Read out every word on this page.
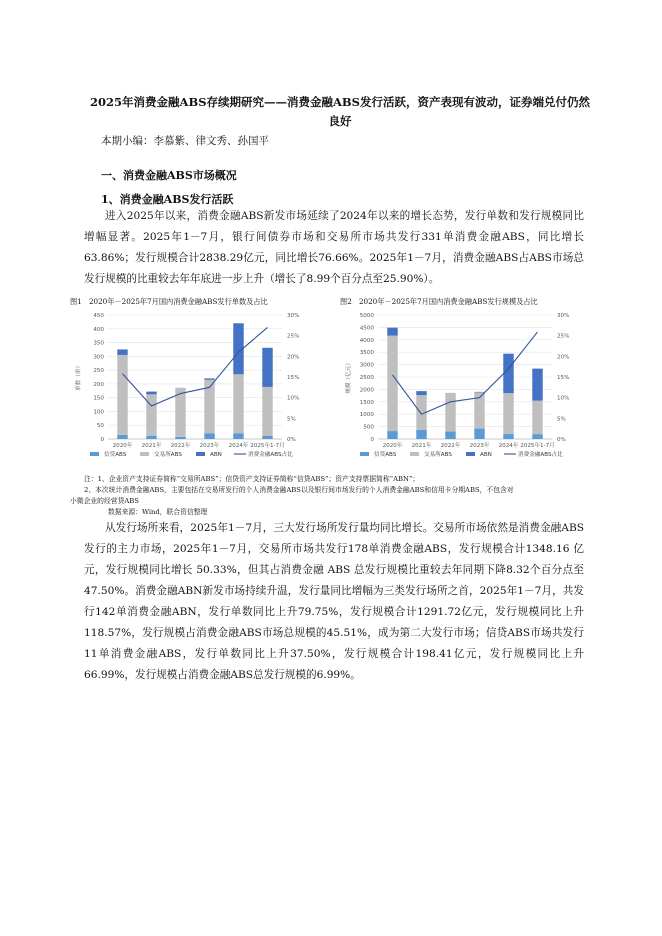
2025年消费金融ABS存续期研究——消费金融ABS发行活跃，资产表现有波动，证券端兑付仍然良好
本期小编：李慕紫、律文秀、孙国平
一、消费金融ABS市场概况
1、消费金融ABS发行活跃
进入2025年以来，消费金融ABS新发市场延续了2024年以来的增长态势，发行单数和发行规模同比增幅显著。2025年1－7月，银行间债券市场和交易所市场共发行331单消费金融ABS，同比增长63.86%；发行规模合计2838.29亿元，同比增长76.66%。2025年1－7月，消费金融ABS占ABS市场总发行规模的比重较去年年底进一步上升（增长了8.99个百分点至25.90%）。
图1　2020年－2025年7月国内消费金融ABS发行单数及占比
0
50
100
150
200
250
300
350
400
450
0%
5%
10%
15%
20%
25%
30%
单数（单）
2020年 2021年 2022年 2023年 2024年 2025年1-7月
信贷ABS	交易所ABS	ABN	消费金融ABS占比
图2　2020年－2025年7月国内消费金融ABS发行规模及占比
0
500
1000
1500
2000
2500
3000
3500
4000
4500
5000
0%
5%
10%
15%
20%
25%
30%
规模（亿元）
2020年 2021年 2022年 2023年 2024年 2025年1-7月
信贷ABS	交易所ABS	ABN	消费金融ABS占比
注：1、企业资产支持证券简称“交易所ABS”；信贷资产支持证券简称“信贷ABS”；资产支持票据简称“ABN”；
2、本次统计消费金融ABS，主要包括在交易所发行的个人消费金融ABS以及银行间市场发行的个人消费金融ABS和信用卡分期ABS，不包含对
小微企业的经营贷ABS
数据来源：Wind，联合资信整理
从发行场所来看，2025年1－7月，三大发行场所发行量均同比增长。交易所市场依然是消费金融ABS发行的主力市场，2025年1－7月，交易所市场共发行178单消费金融ABS，发行规模合计1348.16 亿元，发行规模同比增长 50.33%，但其占消费金融 ABS 总发行规模比重较去年同期下降8.32个百分点至47.50%。消费金融ABN新发市场持续升温，发行量同比增幅为三类发行场所之首，2025年1－7月，共发行142单消费金融ABN，发行单数同比上升79.75%，发行规模合计1291.72亿元，发行规模同比上升118.57%，发行规模占消费金融ABS市场总规模的45.51%，成为第二大发行市场；信贷ABS市场共发行11单消费金融ABS，发行单数同比上升37.50%，发行规模合计198.41亿元，发行规模同比上升66.99%，发行规模占消费金融ABS总发行规模的6.99%。
